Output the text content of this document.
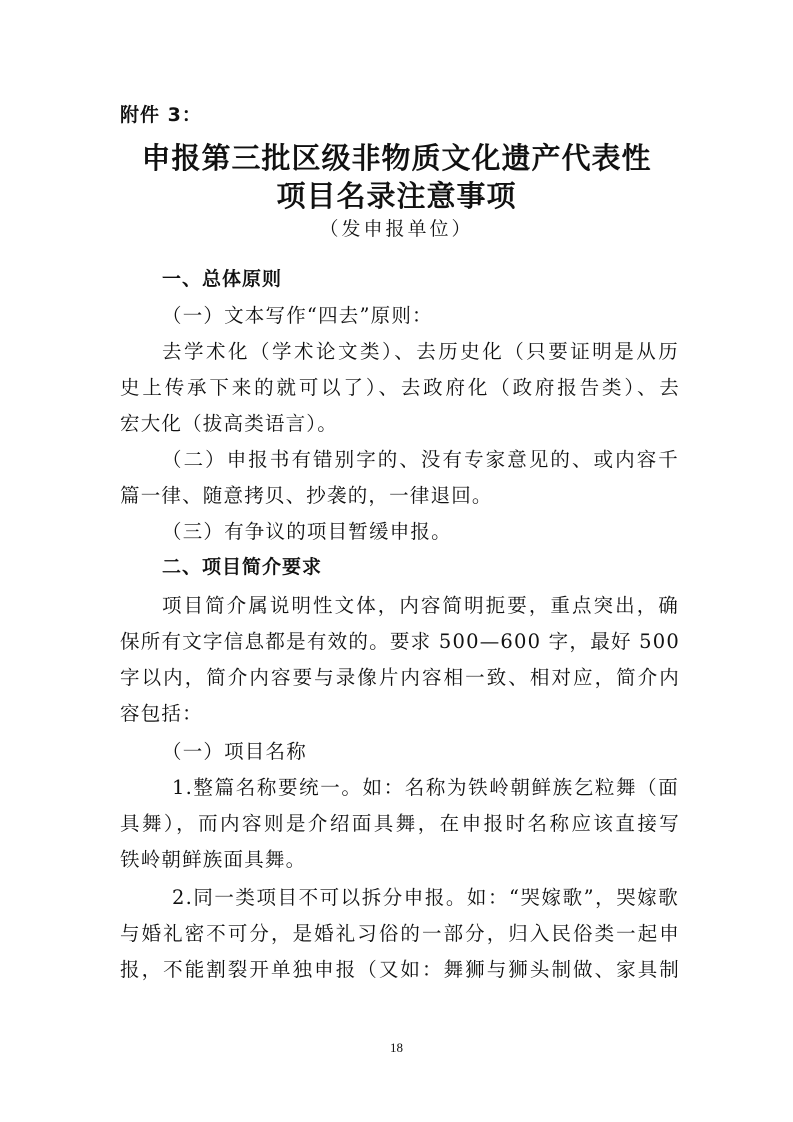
附件 3：
申报第三批区级非物质文化遗产代表性
项目名录注意事项
（发申报单位）
一、总体原则
（一）文本写作“四去”原则：
去学术化（学术论文类）、去历史化（只要证明是从历
史上传承下来的就可以了）、去政府化（政府报告类）、去
宏大化（拔高类语言）。
（二）申报书有错别字的、没有专家意见的、或内容千
篇一律、随意拷贝、抄袭的，一律退回。
（三）有争议的项目暂缓申报。
二、项目简介要求
项目简介属说明性文体，内容简明扼要，重点突出，确
保所有文字信息都是有效的。要求 500—600 字，最好 500
字以内，简介内容要与录像片内容相一致、相对应，简介内
容包括：
（一）项目名称
1.整篇名称要统一。如：名称为铁岭朝鲜族乞粒舞（面
具舞），而内容则是介绍面具舞，在申报时名称应该直接写
铁岭朝鲜族面具舞。
2.同一类项目不可以拆分申报。如：“哭嫁歌”，哭嫁歌
与婚礼密不可分，是婚礼习俗的一部分，归入民俗类一起申
报，不能割裂开单独申报（又如：舞狮与狮头制做、家具制
18
